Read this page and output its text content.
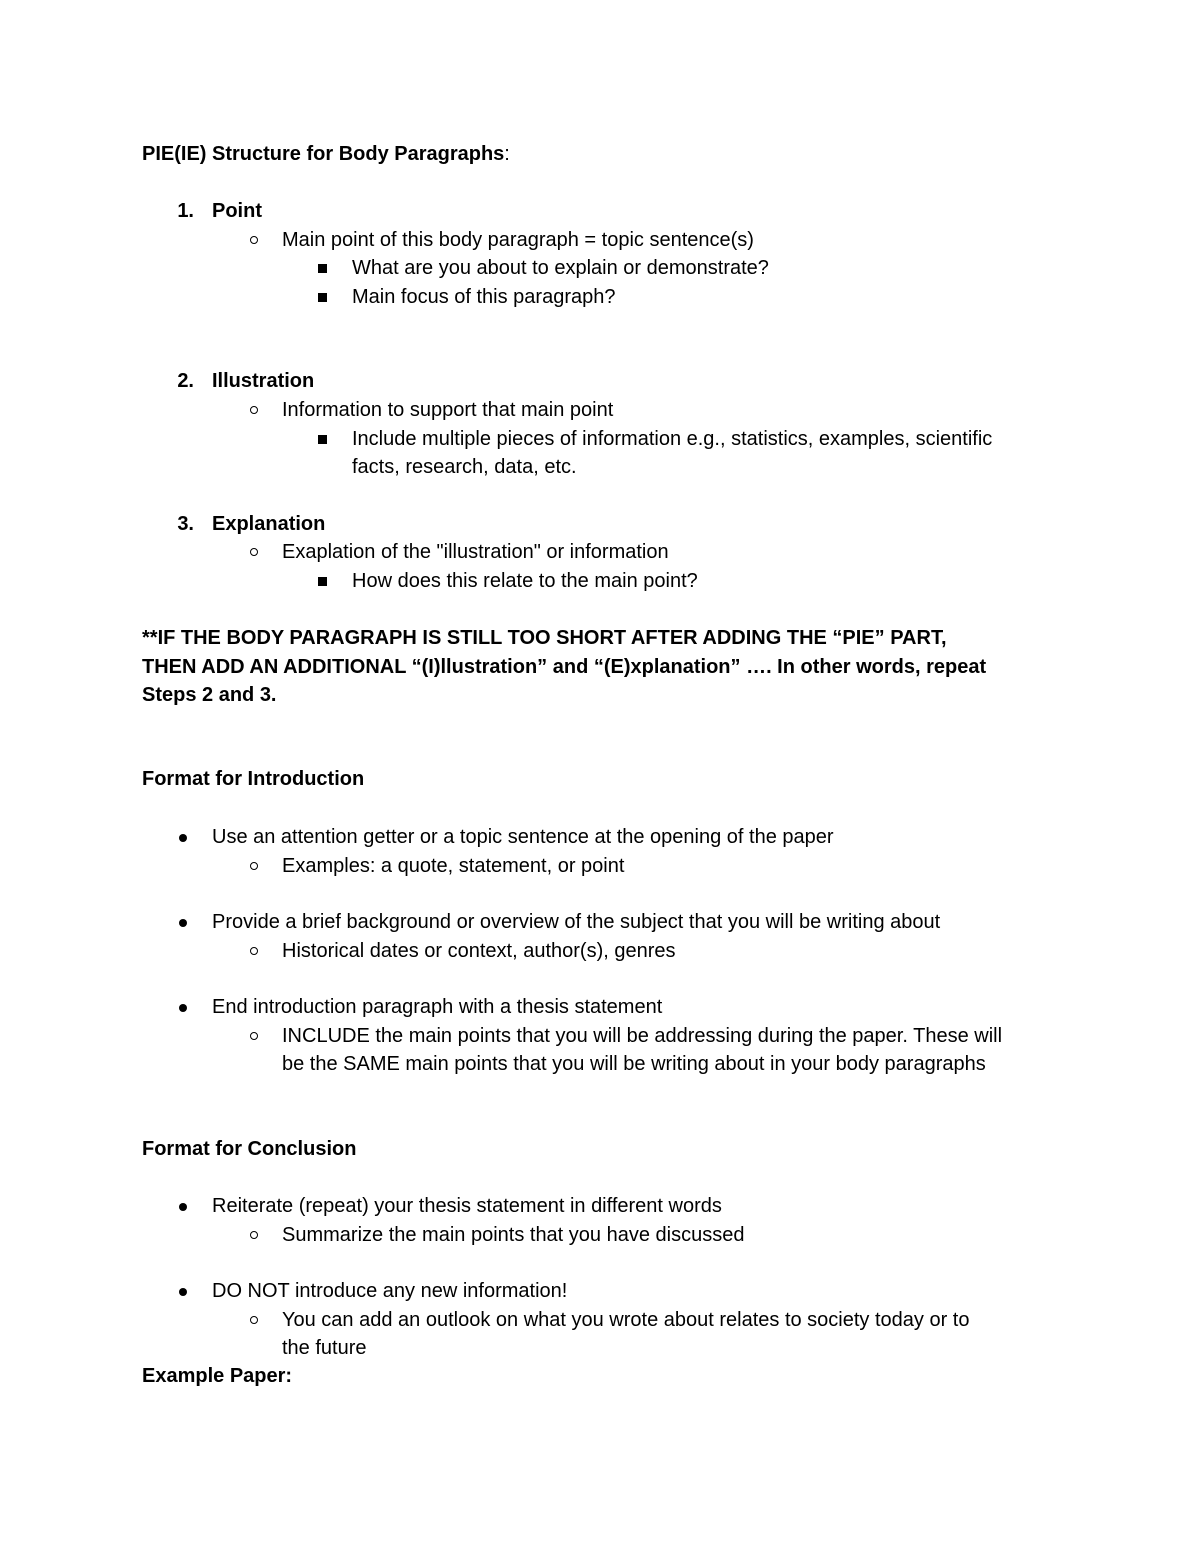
PIE(IE) Structure for Body Paragraphs:
1. Point
Main point of this body paragraph = topic sentence(s)
What are you about to explain or demonstrate?
Main focus of this paragraph?
2. Illustration
Information to support that main point
Include multiple pieces of information e.g., statistics, examples, scientific
facts, research, data, etc.
3. Explanation
Exaplation of the "illustration" or information
How does this relate to the main point?
**IF THE BODY PARAGRAPH IS STILL TOO SHORT AFTER ADDING THE “PIE” PART,
THEN ADD AN ADDITIONAL “(I)llustration” and “(E)xplanation” …. In other words, repeat
Steps 2 and 3.
Format for Introduction
Use an attention getter or a topic sentence at the opening of the paper
Examples: a quote, statement, or point
Provide a brief background or overview of the subject that you will be writing about
Historical dates or context, author(s), genres
End introduction paragraph with a thesis statement
INCLUDE the main points that you will be addressing during the paper. These will
be the SAME main points that you will be writing about in your body paragraphs
Format for Conclusion
Reiterate (repeat) your thesis statement in different words
Summarize the main points that you have discussed
DO NOT introduce any new information!
You can add an outlook on what you wrote about relates to society today or to
the future
Example Paper:
